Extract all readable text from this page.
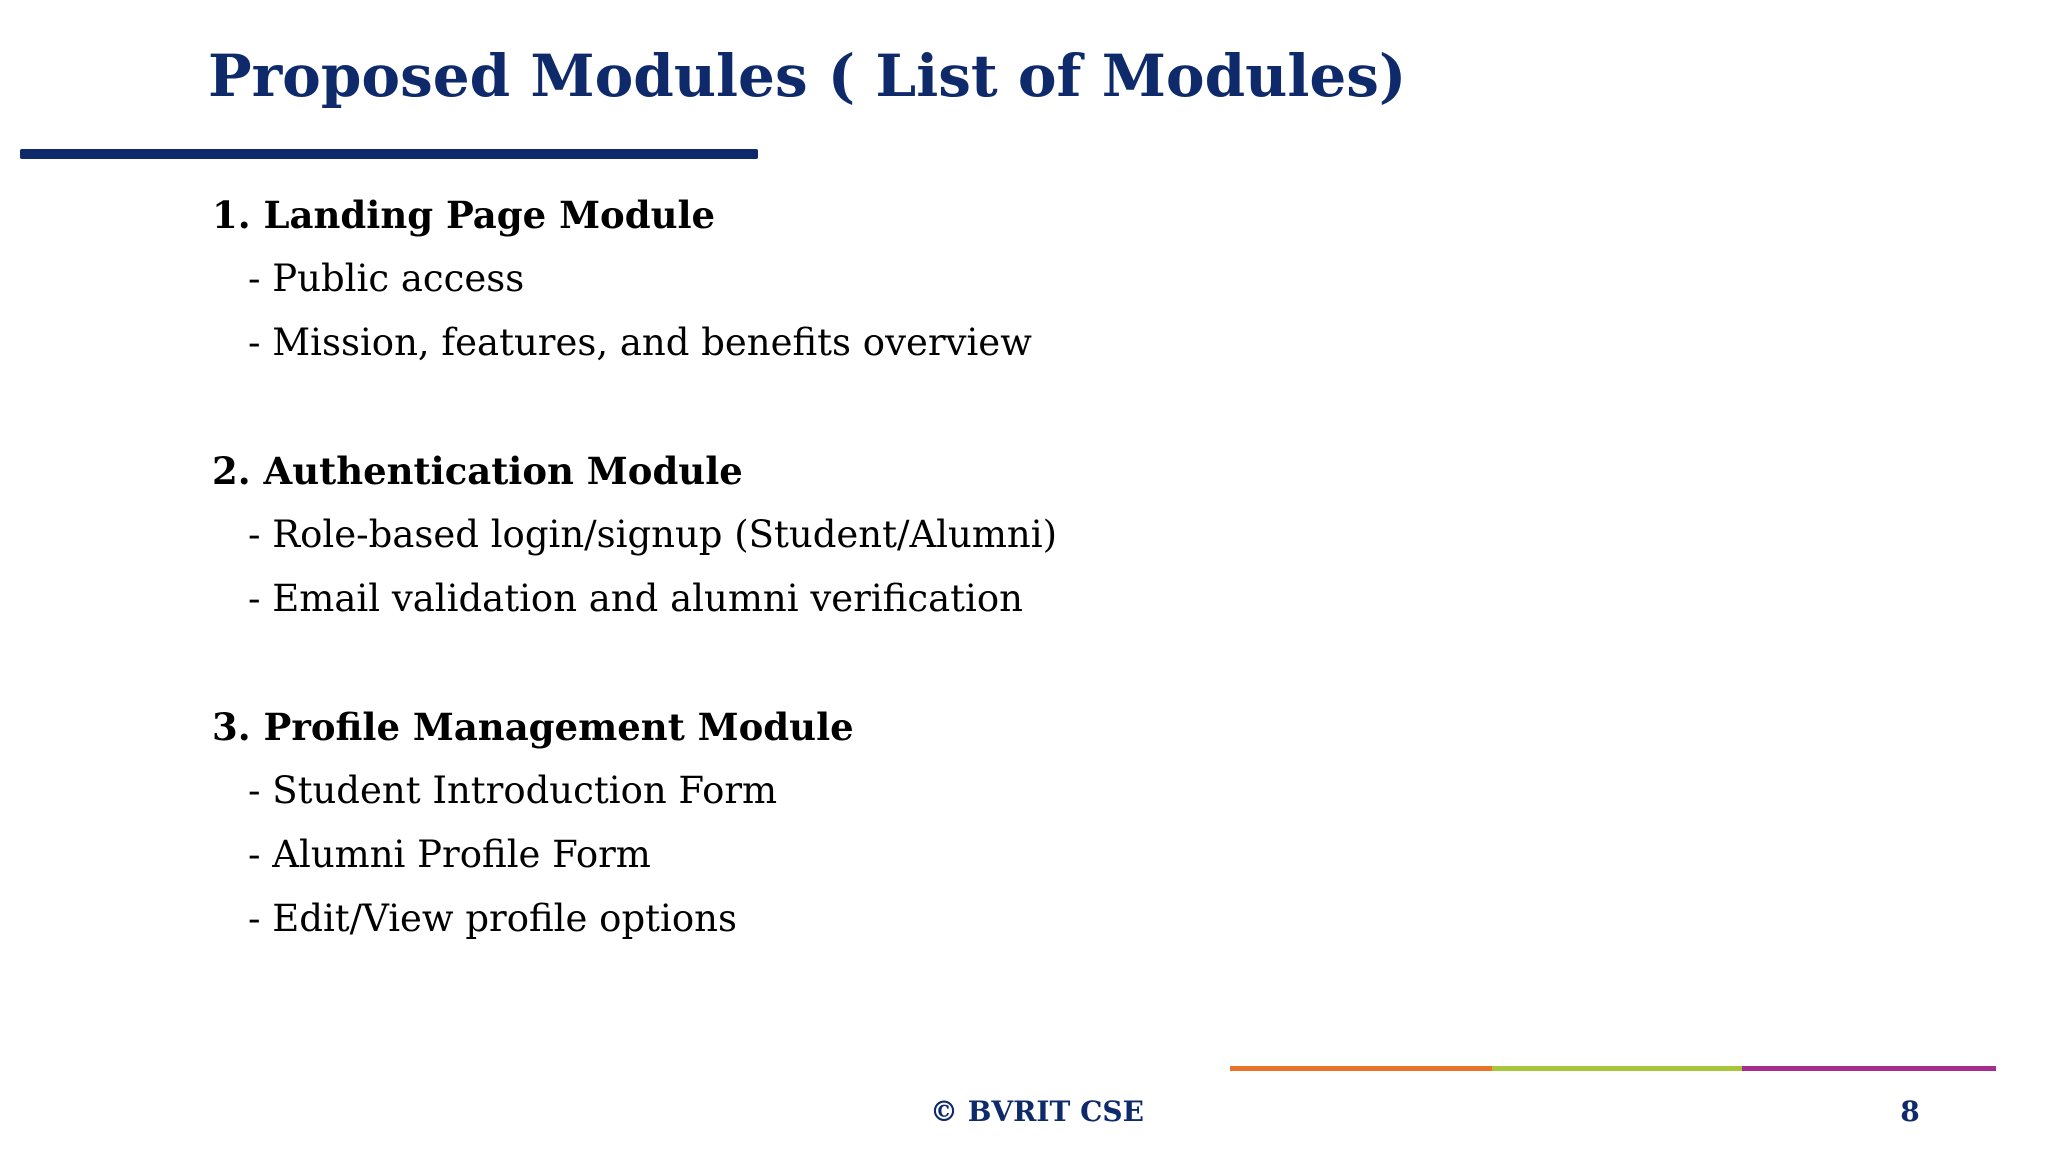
Proposed Modules ( List of Modules)
1. Landing Page Module
- Public access
- Mission, features, and benefits overview
2. Authentication Module
- Role-based login/signup (Student/Alumni)
- Email validation and alumni verification
3. Profile Management Module
- Student Introduction Form
- Alumni Profile Form
- Edit/View profile options
© BVRIT CSE	8
